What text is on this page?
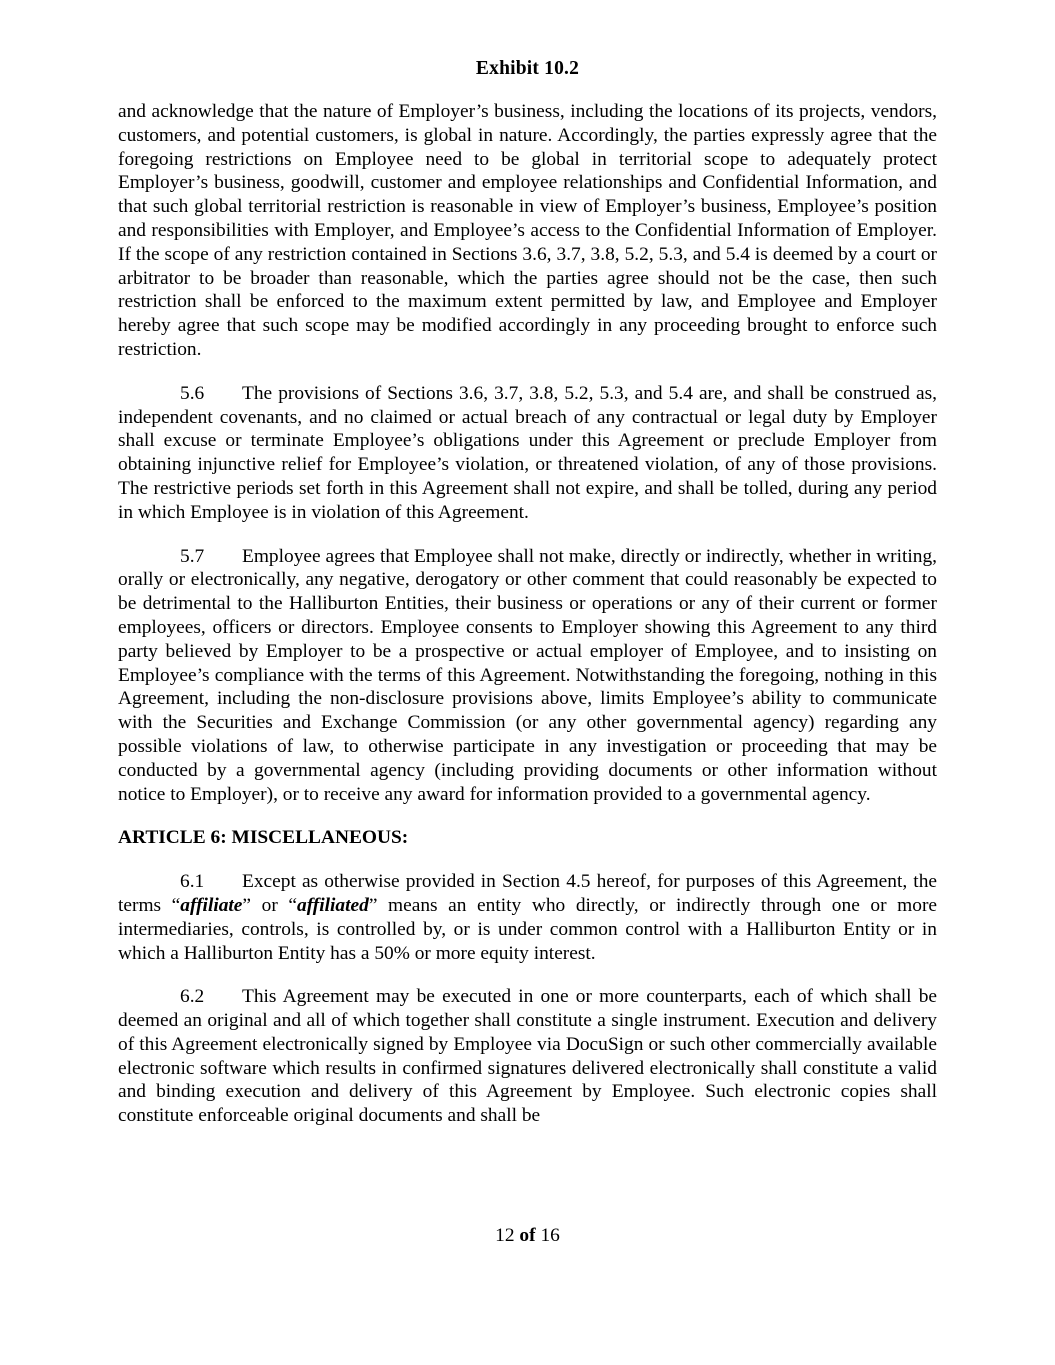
Exhibit 10.2

and acknowledge that the nature of Employer’s business, including the locations of its projects, vendors, customers, and potential customers, is global in nature. Accordingly, the parties expressly agree that the foregoing restrictions on Employee need to be global in territorial scope to adequately protect Employer’s business, goodwill, customer and employee relationships and Confidential Information, and that such global territorial restriction is reasonable in view of Employer’s business, Employee’s position and responsibilities with Employer, and Employee’s access to the Confidential Information of Employer. If the scope of any restriction contained in Sections 3.6, 3.7, 3.8, 5.2, 5.3, and 5.4 is deemed by a court or arbitrator to be broader than reasonable, which the parties agree should not be the case, then such restriction shall be enforced to the maximum extent permitted by law, and Employee and Employer hereby agree that such scope may be modified accordingly in any proceeding brought to enforce such restriction.

5.6 The provisions of Sections 3.6, 3.7, 3.8, 5.2, 5.3, and 5.4 are, and shall be construed as, independent covenants, and no claimed or actual breach of any contractual or legal duty by Employer shall excuse or terminate Employee’s obligations under this Agreement or preclude Employer from obtaining injunctive relief for Employee’s violation, or threatened violation, of any of those provisions. The restrictive periods set forth in this Agreement shall not expire, and shall be tolled, during any period in which Employee is in violation of this Agreement.

5.7 Employee agrees that Employee shall not make, directly or indirectly, whether in writing, orally or electronically, any negative, derogatory or other comment that could reasonably be expected to be detrimental to the Halliburton Entities, their business or operations or any of their current or former employees, officers or directors. Employee consents to Employer showing this Agreement to any third party believed by Employer to be a prospective or actual employer of Employee, and to insisting on Employee’s compliance with the terms of this Agreement. Notwithstanding the foregoing, nothing in this Agreement, including the non-disclosure provisions above, limits Employee’s ability to communicate with the Securities and Exchange Commission (or any other governmental agency) regarding any possible violations of law, to otherwise participate in any investigation or proceeding that may be conducted by a governmental agency (including providing documents or other information without notice to Employer), or to receive any award for information provided to a governmental agency.

ARTICLE 6: MISCELLANEOUS:

6.1 Except as otherwise provided in Section 4.5 hereof, for purposes of this Agreement, the terms “affiliate” or “affiliated” means an entity who directly, or indirectly through one or more intermediaries, controls, is controlled by, or is under common control with a Halliburton Entity or in which a Halliburton Entity has a 50% or more equity interest.

6.2 This Agreement may be executed in one or more counterparts, each of which shall be deemed an original and all of which together shall constitute a single instrument. Execution and delivery of this Agreement electronically signed by Employee via DocuSign or such other commercially available electronic software which results in confirmed signatures delivered electronically shall constitute a valid and binding execution and delivery of this Agreement by Employee. Such electronic copies shall constitute enforceable original documents and shall be

12 of 16
